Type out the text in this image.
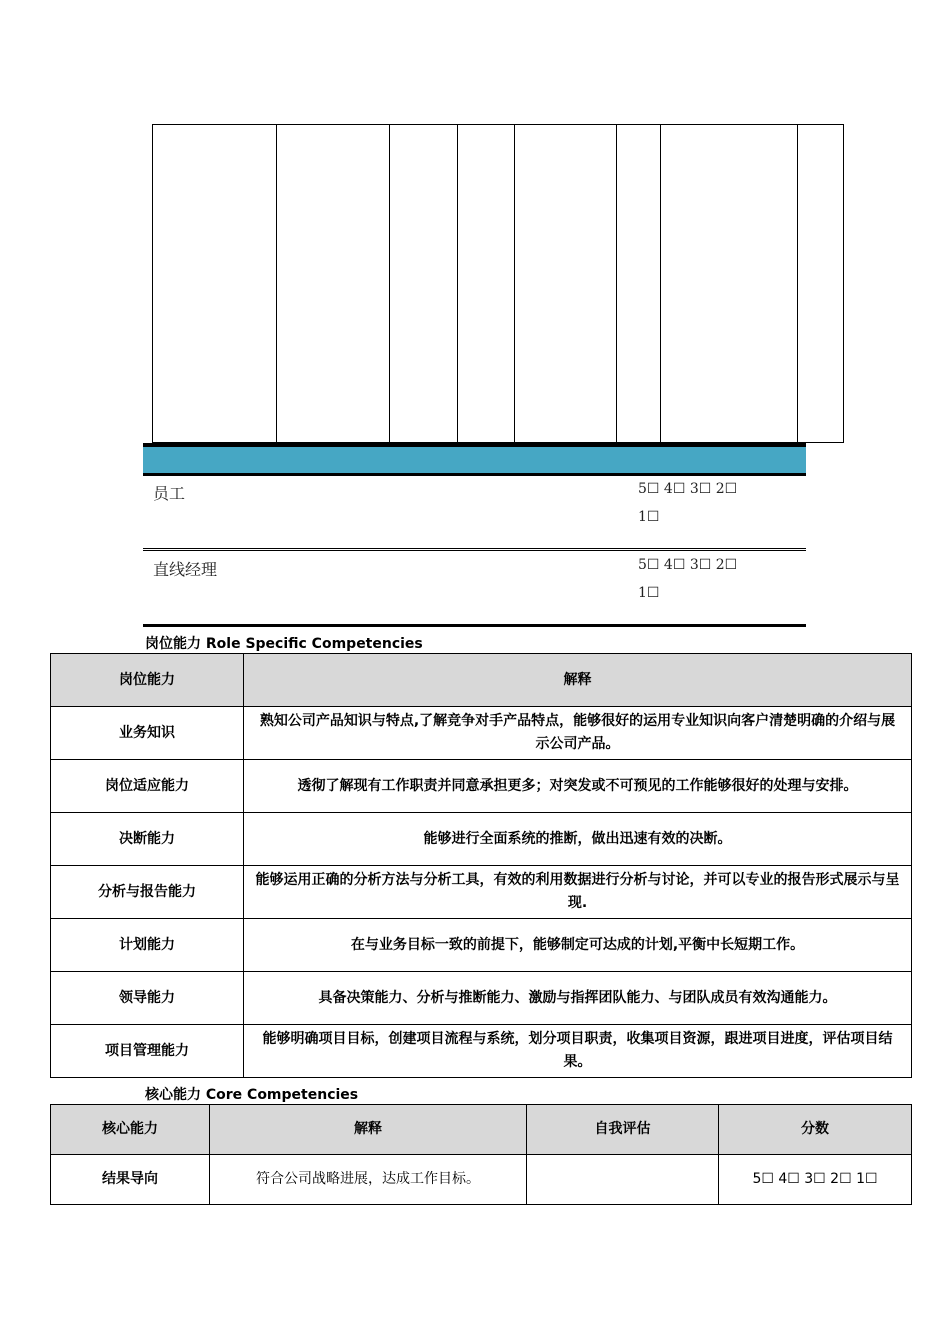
员工	5☐ 4☐ 3☐ 2☐
1☐
直线经理	5☐ 4☐ 3☐ 2☐
1☐
岗位能力 Role Specific Competencies
岗位能力	解释
业务知识	熟知公司产品知识与特点,了解竞争对手产品特点，能够很好的运用专业知识向客户清楚明确的介绍与展示公司产品。
岗位适应能力	透彻了解现有工作职责并同意承担更多；对突发或不可预见的工作能够很好的处理与安排。
决断能力	能够进行全面系统的推断，做出迅速有效的决断。
分析与报告能力	能够运用正确的分析方法与分析工具，有效的利用数据进行分析与讨论，并可以专业的报告形式展示与呈现.
计划能力	在与业务目标一致的前提下，能够制定可达成的计划,平衡中长短期工作。
领导能力	具备决策能力、分析与推断能力、激励与指挥团队能力、与团队成员有效沟通能力。
项目管理能力	能够明确项目目标，创建项目流程与系统，划分项目职责，收集项目资源，跟进项目进度，评估项目结果。
核心能力 Core Competencies
核心能力	解释	自我评估	分数
结果导向	符合公司战略进展，达成工作目标。		5☐ 4☐ 3☐ 2☐ 1☐
